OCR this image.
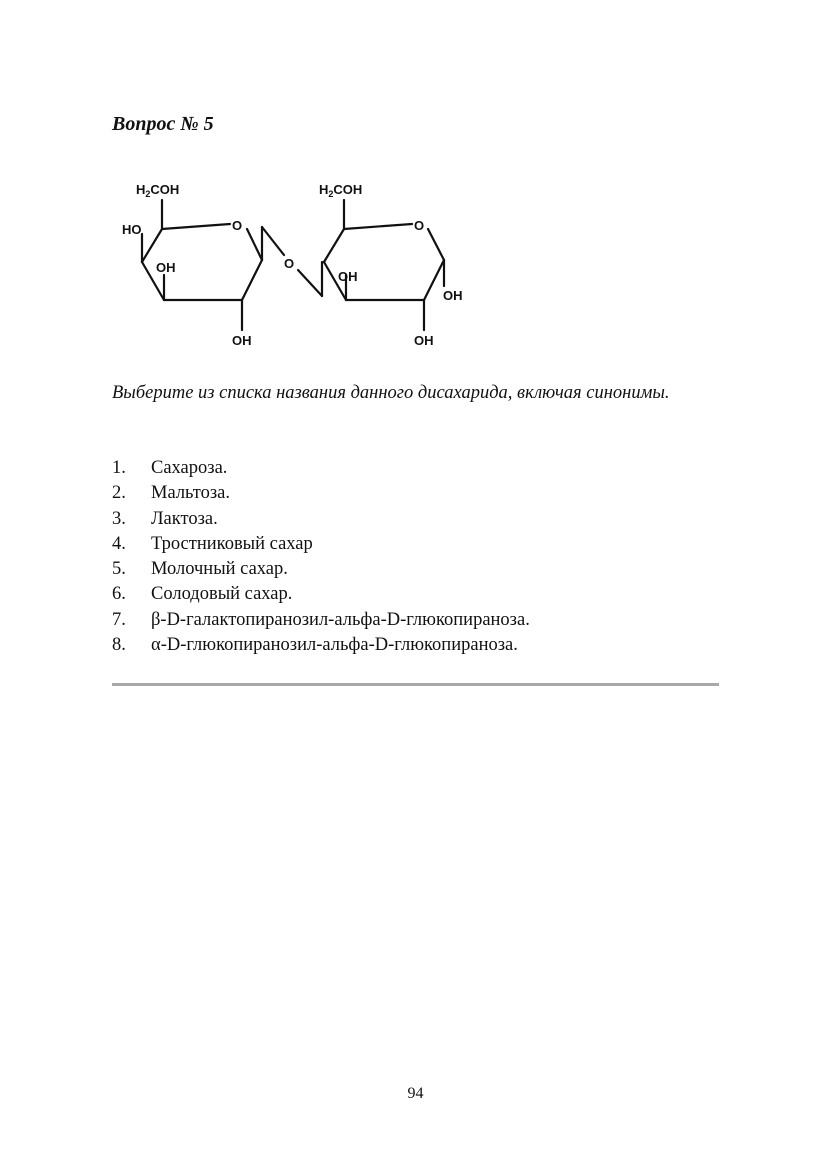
Вопрос № 5
$H_2COH$
O
HO
OH
OH
O
$H_2COH$
O
OH
OH
OH

Выберите из списка названия данного дисахарида, включая синонимы.

1.	Сахароза.
2.	Мальтоза.
3.	Лактоза.
4.	Тростниковый сахар
5.	Молочный сахар.
6.	Солодовый сахар.
7.	β-D-галактопиранозил-альфа-D-глюкопираноза.
8.	α-D-глюкопиранозил-альфа-D-глюкопираноза.
94
